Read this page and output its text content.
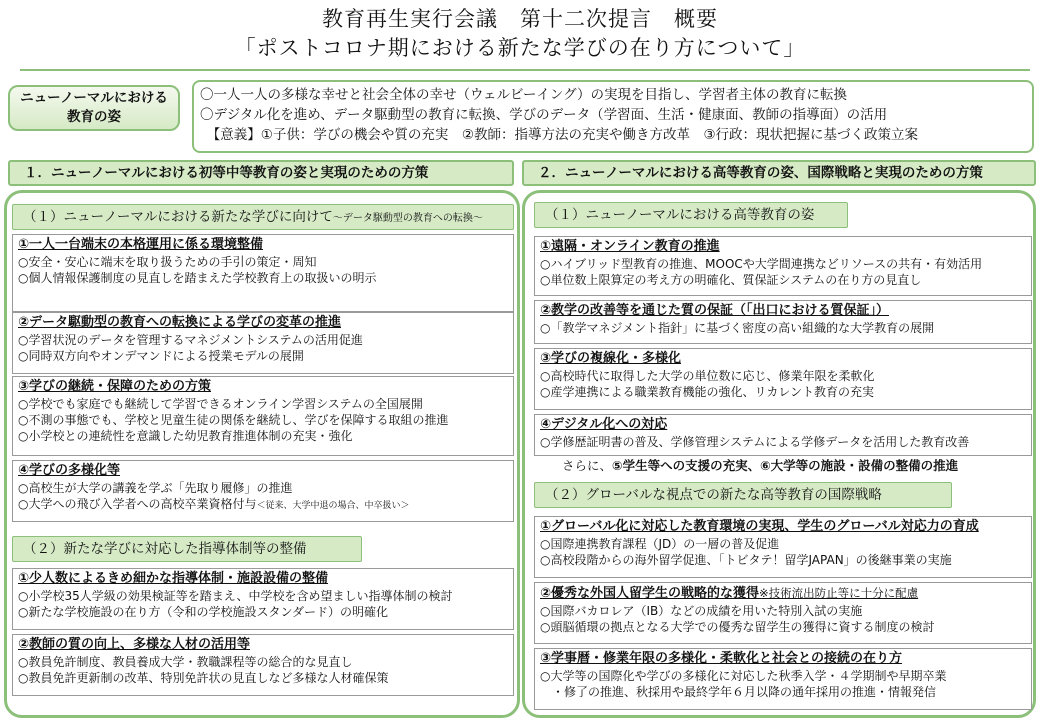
教育再生実行会議　第十二次提言　概要
「ポストコロナ期における新たな学びの在り方について」
ニューノーマルにおける
教育の姿
〇一人一人の多様な幸せと社会全体の幸せ（ウェルビーイング）の実現を目指し、学習者主体の教育に転換
〇デジタル化を進め、データ駆動型の教育に転換、学びのデータ（学習面、生活・健康面、教師の指導面）の活用
　【意義】①子供：学びの機会や質の充実　②教師：指導方法の充実や働き方改革　③行政：現状把握に基づく政策立案
１．ニューノーマルにおける初等中等教育の姿と実現のための方策	２．ニューノーマルにおける高等教育の姿、国際戦略と実現のための方策
（１）ニューノーマルにおける新たな学びに向けて～データ駆動型の教育への転換～
①一人一台端末の本格運用に係る環境整備
○安全・安心に端末を取り扱うための手引の策定・周知
○個人情報保護制度の見直しを踏まえた学校教育上の取扱いの明示
②データ駆動型の教育への転換による学びの変革の推進
○学習状況のデータを管理するマネジメントシステムの活用促進
○同時双方向やオンデマンドによる授業モデルの展開
③学びの継続・保障のための方策
○学校でも家庭でも継続して学習できるオンライン学習システムの全国展開
○不測の事態でも、学校と児童生徒の関係を継続し、学びを保障する取組の推進
○小学校との連続性を意識した幼児教育推進体制の充実・強化
④学びの多様化等
○高校生が大学の講義を学ぶ「先取り履修」の推進
○大学への飛び入学者への高校卒業資格付与＜従来、大学中退の場合、中卒扱い＞
（２）新たな学びに対応した指導体制等の整備
①少人数によるきめ細かな指導体制・施設設備の整備
○小学校35人学級の効果検証等を踏まえ、中学校を含め望ましい指導体制の検討
○新たな学校施設の在り方（令和の学校施設スタンダード）の明確化
②教師の質の向上、多様な人材の活用等
○教員免許制度、教員養成大学・教職課程等の総合的な見直し
○教員免許更新制の改革、特別免許状の見直しなど多様な人材確保策
（１）ニューノーマルにおける高等教育の姿
①遠隔・オンライン教育の推進
○ハイブリッド型教育の推進、MOOCや大学間連携などリソースの共有・有効活用
○単位数上限算定の考え方の明確化、質保証システムの在り方の見直し
②教学の改善等を通じた質の保証（「出口における質保証」）
○「教学マネジメント指針」に基づく密度の高い組織的な大学教育の展開
③学びの複線化・多様化
○高校時代に取得した大学の単位数に応じ、修業年限を柔軟化
○産学連携による職業教育機能の強化、リカレント教育の充実
④デジタル化への対応
○学修歴証明書の普及、学修管理システムによる学修データを活用した教育改善
さらに、⑤学生等への支援の充実、⑥大学等の施設・設備の整備の推進
（２）グローバルな視点での新たな高等教育の国際戦略
①グローバル化に対応した教育環境の実現、学生のグローバル対応力の育成
○国際連携教育課程（JD）の一層の普及促進
○高校段階からの海外留学促進、「トビタテ！留学JAPAN」の後継事業の実施
②優秀な外国人留学生の戦略的な獲得※技術流出防止等に十分に配慮
○国際バカロレア（IB）などの成績を用いた特別入試の実施
○頭脳循環の拠点となる大学での優秀な留学生の獲得に資する制度の検討
③学事暦・修業年限の多様化・柔軟化と社会との接続の在り方
○大学等の国際化や学びの多様化に対応した秋季入学・４学期制や早期卒業
　・修了の推進、秋採用や最終学年６月以降の通年採用の推進・情報発信
